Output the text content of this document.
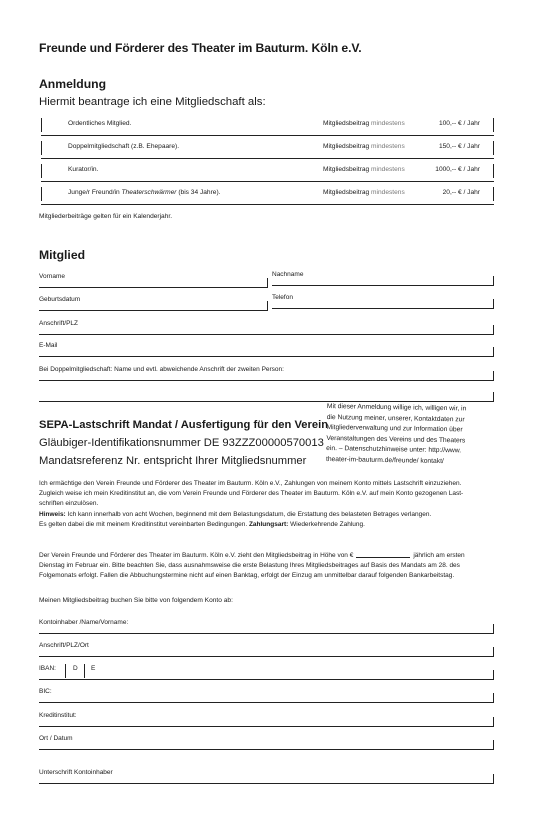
Freunde und Förderer des Theater im Bauturm. Köln e.V.
Anmeldung
Hiermit beantrage ich eine Mitgliedschaft als:
Ordentliches Mitglied.	Mitgliedsbeitrag mindestens	100,-- € / Jahr
Doppelmitgliedschaft (z.B. Ehepaare).	Mitgliedsbeitrag mindestens	150,-- € / Jahr
Kurator/in.	Mitgliedsbeitrag mindestens	1000,-- € / Jahr
Junge/r Freund/in Theaterschwärmer (bis 34 Jahre).	Mitgliedsbeitrag mindestens	20,-- € / Jahr
Mitgliederbeiträge gelten für ein Kalenderjahr.
Mitglied
Vorname	Nachname
Geburtsdatum	Telefon
Anschrift/PLZ
E-Mail
Bei Doppelmitgliedschaft: Name und evtl. abweichende Anschrift der zweiten Person:
Mit dieser Anmeldung willige ich, willigen wir, in
die Nutzung meiner, unserer, Kontaktdaten zur
Mitgliederverwaltung und zur Information über
Veranstaltungen des Vereins und des Theaters
ein. – Datenschutzhinweise unter: http://www.
theater-im-bauturm.de/freunde/ kontakt/
SEPA-Lastschrift Mandat / Ausfertigung für den Verein
Gläubiger-Identifikationsnummer DE 93ZZZ00000570013
Mandatsreferenz Nr. entspricht Ihrer Mitgliedsnummer
Ich ermächtige den Verein Freunde und Förderer des Theater im Bauturm. Köln e.V., Zahlungen von meinem Konto mittels Lastschrift einzuziehen.
Zugleich weise ich mein Kreditinstitut an, die vom Verein Freunde und Förderer des Theater im Bauturm. Köln e.V. auf mein Konto gezogenen Last-
schriften einzulösen.
Hinweis: Ich kann innerhalb von acht Wochen, beginnend mit dem Belastungsdatum, die Erstattung des belasteten Betrages verlangen.
Es gelten dabei die mit meinem Kreditinstitut vereinbarten Bedingungen. Zahlungsart: Wiederkehrende Zahlung.
Der Verein Freunde und Förderer des Theater im Bauturm. Köln e.V. zieht den Mitgliedsbeitrag in Höhe von €	jährlich am ersten
Dienstag im Februar ein. Bitte beachten Sie, dass ausnahmsweise die erste Belastung Ihres Mitgliedsbeitrages auf Basis des Mandats am 28. des
Folgemonats erfolgt. Fallen die Abbuchungstermine nicht auf einen Banktag, erfolgt der Einzug am unmittelbar darauf folgenden Bankarbeitstag.
Meinen Mitgliedsbeitrag buchen Sie bitte von folgendem Konto ab:
Kontoinhaber /Name/Vorname:
Anschrift/PLZ/Ort
IBAN:	D E
BIC:
Kreditinstitut:
Ort / Datum
Unterschrift Kontoinhaber
